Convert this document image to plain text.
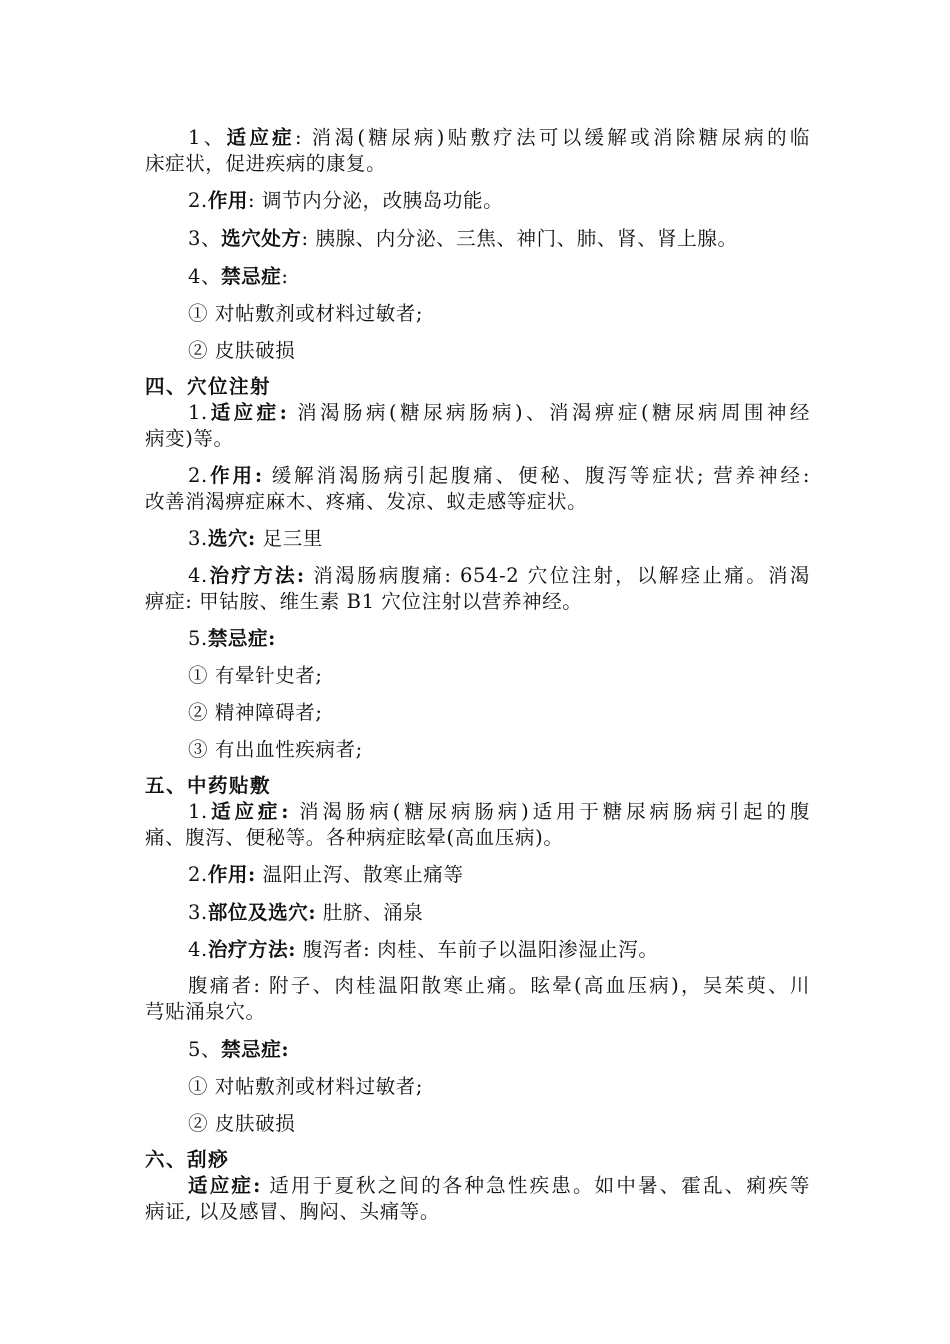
1、适应症: 消渴(糖尿病)贴敷疗法可以缓解或消除糖尿病的临
床症状，促进疾病的康复。
2.作用: 调节内分泌，改胰岛功能。
3、选穴处方: 胰腺、内分泌、三焦、神门、肺、肾、肾上腺。
4、禁忌症:
① 对帖敷剂或材料过敏者;
② 皮肤破损
四、穴位注射
1.适应症: 消渴肠病(糖尿病肠病)、消渴痹症(糖尿病周围神经
病变)等。
2.作用: 缓解消渴肠病引起腹痛、便秘、腹泻等症状; 营养神经:
改善消渴痹症麻木、疼痛、发凉、蚁走感等症状。
3.选穴: 足三里
4.治疗方法: 消渴肠病腹痛: 654-2 穴位注射，以解痉止痛。消渴
痹症: 甲钴胺、维生素 B1 穴位注射以营养神经。
5.禁忌症:
① 有晕针史者;
② 精神障碍者;
③ 有出血性疾病者;
五、中药贴敷
1.适应症: 消渴肠病(糖尿病肠病)适用于糖尿病肠病引起的腹
痛、腹泻、便秘等。各种病症眩晕(高血压病)。
2.作用: 温阳止泻、散寒止痛等
3.部位及选穴: 肚脐、涌泉
4.治疗方法: 腹泻者: 肉桂、车前子以温阳渗湿止泻。
腹痛者: 附子、肉桂温阳散寒止痛。眩晕(高血压病)，吴茱萸、川
芎贴涌泉穴。
5、禁忌症:
① 对帖敷剂或材料过敏者;
② 皮肤破损
六、刮痧
适应症: 适用于夏秋之间的各种急性疾患。如中暑、霍乱、痢疾等
病证, 以及感冒、胸闷、头痛等。
